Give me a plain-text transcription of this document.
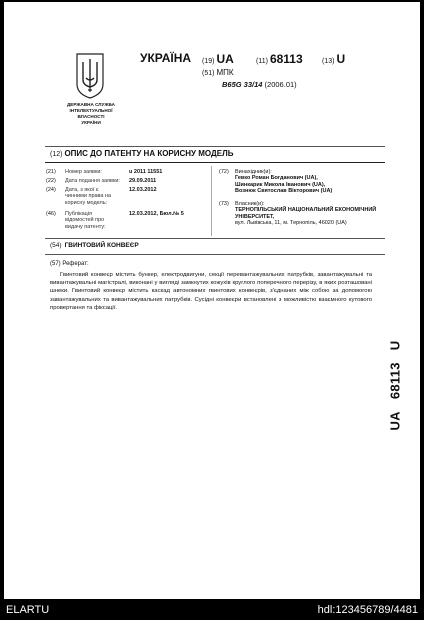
ДЕРЖАВНА СЛУЖБА
ІНТЕЛЕКТУАЛЬНОЇ
ВЛАСНОСТІ
УКРАЇНИ
УКРАЇНА (19) UA	(11) 68113	(13) U
(51) МПК
B65G 33/14 (2006.01)
(12) ОПИС ДО ПАТЕНТУ НА КОРИСНУ МОДЕЛЬ
(21)	Номер заявки:	u 2011 11551
(22)	Дата подання заявки: 29.09.2011
(24)	Дата, з якої є чинними права на корисну модель:
12.03.2012
(46)	Публікація відомостей про видачу патенту:
12.03.2012, Бюл.№ 5
(72) Винахідник(и):
Гевко Роман Богданович (UA),
Шинкарик Микола Іванович (UA),
Вознюк Святослав Вікторович (UA)
(73) Власник(и):
ТЕРНОПІЛЬСЬКИЙ НАЦІОНАЛЬНИЙ ЕКОНОМІЧНИЙ УНІВЕРСИТЕТ,
вул. Львівська, 11, м. Тернопіль, 46020 (UA)
(54) ГВИНТОВИЙ КОНВЕЄР
(57) Реферат:
Гвинтовий конвеєр містить бункер, електродвигуни, секції перевантажувальних патрубків, завантажувальні та вивантажувальні магістралі, виконані у вигляді замкнутих кожухів круглого поперечного перерізу, в яких розташовані шнеки. Гвинтовий конвеєр містить каскад автономних гвинтових конвеєрів, з'єднаних між собою за допомогою завантажувальних та вивантажувальних патрубків. Сусідні конвеєри встановлені з можливістю взаємного кутового провертання та фіксації.
UA68113U
ELARTU	hdl:123456789/4481
